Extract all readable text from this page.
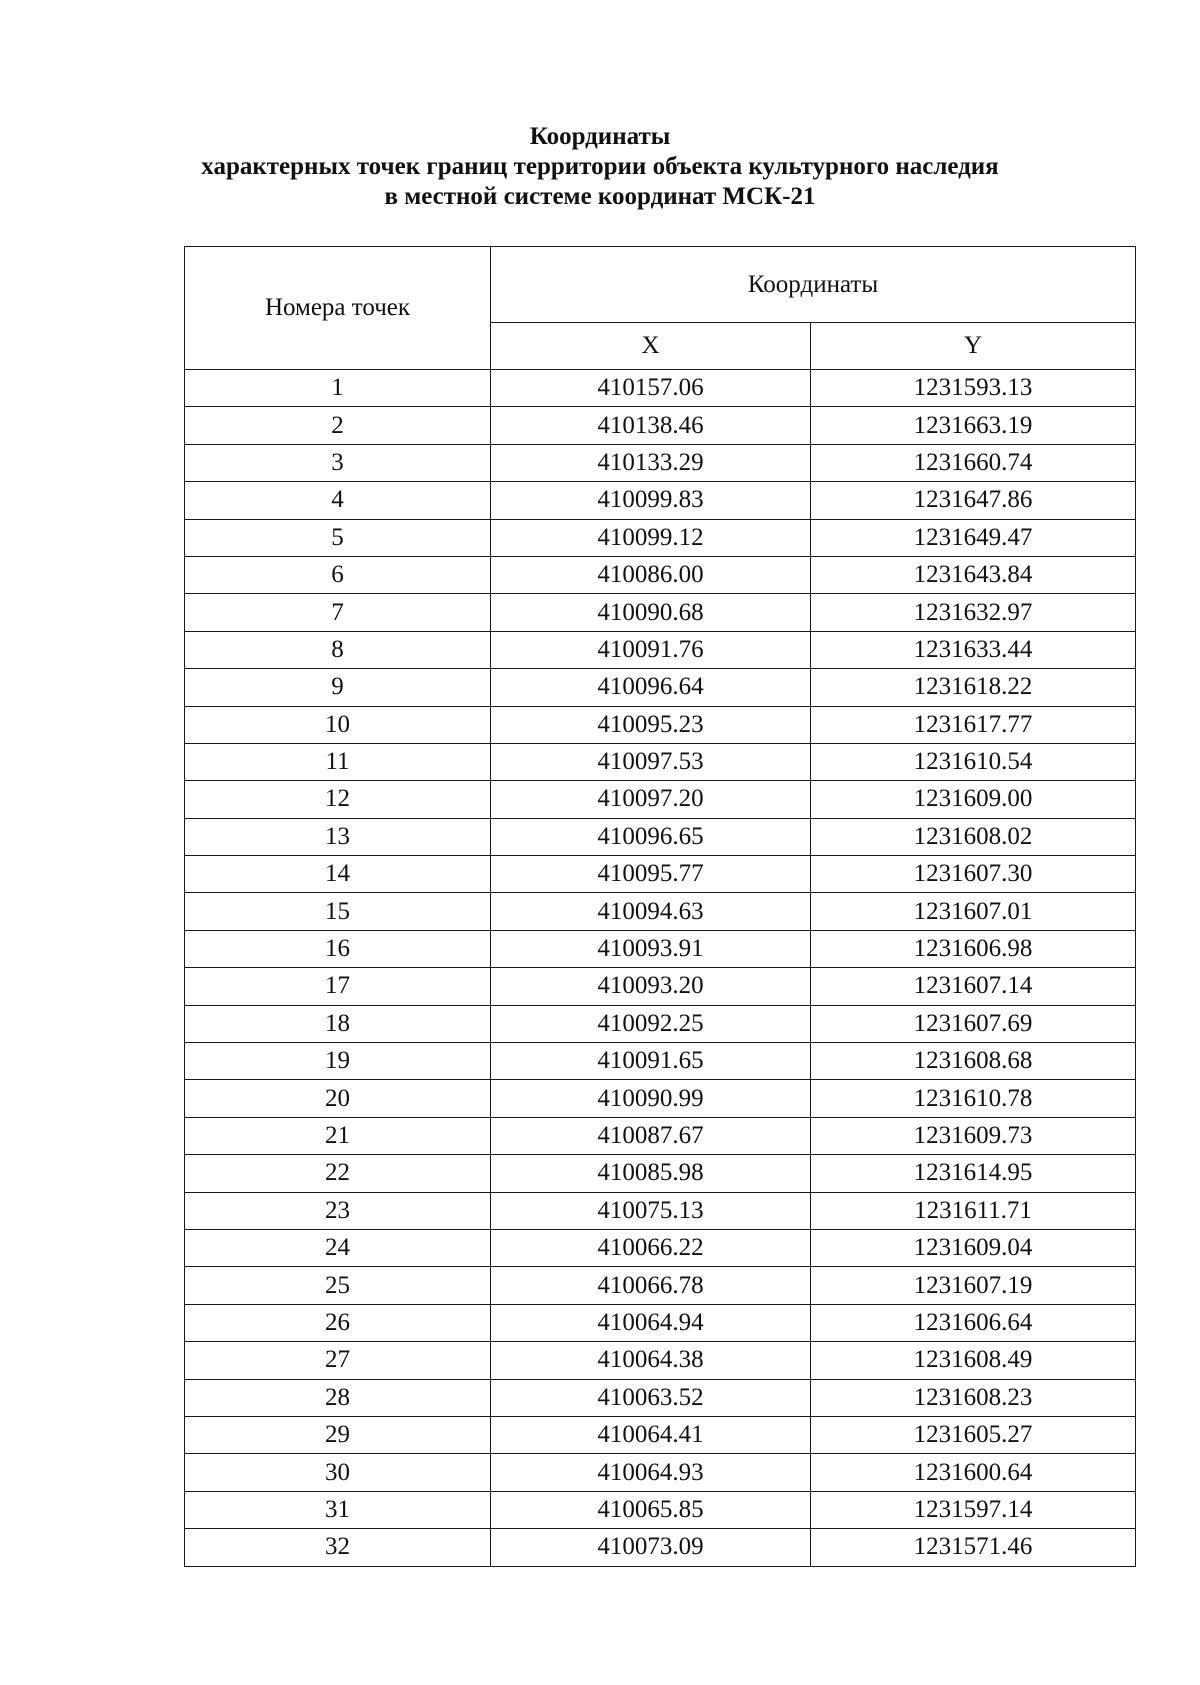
Координаты
характерных точек границ территории объекта культурного наследия
в местной системе координат МСК-21
Номера точек	Координаты	
	X	Y
1	410157.06	1231593.13
2	410138.46	1231663.19
3	410133.29	1231660.74
4	410099.83	1231647.86
5	410099.12	1231649.47
6	410086.00	1231643.84
7	410090.68	1231632.97
8	410091.76	1231633.44
9	410096.64	1231618.22
10	410095.23	1231617.77
11	410097.53	1231610.54
12	410097.20	1231609.00
13	410096.65	1231608.02
14	410095.77	1231607.30
15	410094.63	1231607.01
16	410093.91	1231606.98
17	410093.20	1231607.14
18	410092.25	1231607.69
19	410091.65	1231608.68
20	410090.99	1231610.78
21	410087.67	1231609.73
22	410085.98	1231614.95
23	410075.13	1231611.71
24	410066.22	1231609.04
25	410066.78	1231607.19
26	410064.94	1231606.64
27	410064.38	1231608.49
28	410063.52	1231608.23
29	410064.41	1231605.27
30	410064.93	1231600.64
31	410065.85	1231597.14
32	410073.09	1231571.46
